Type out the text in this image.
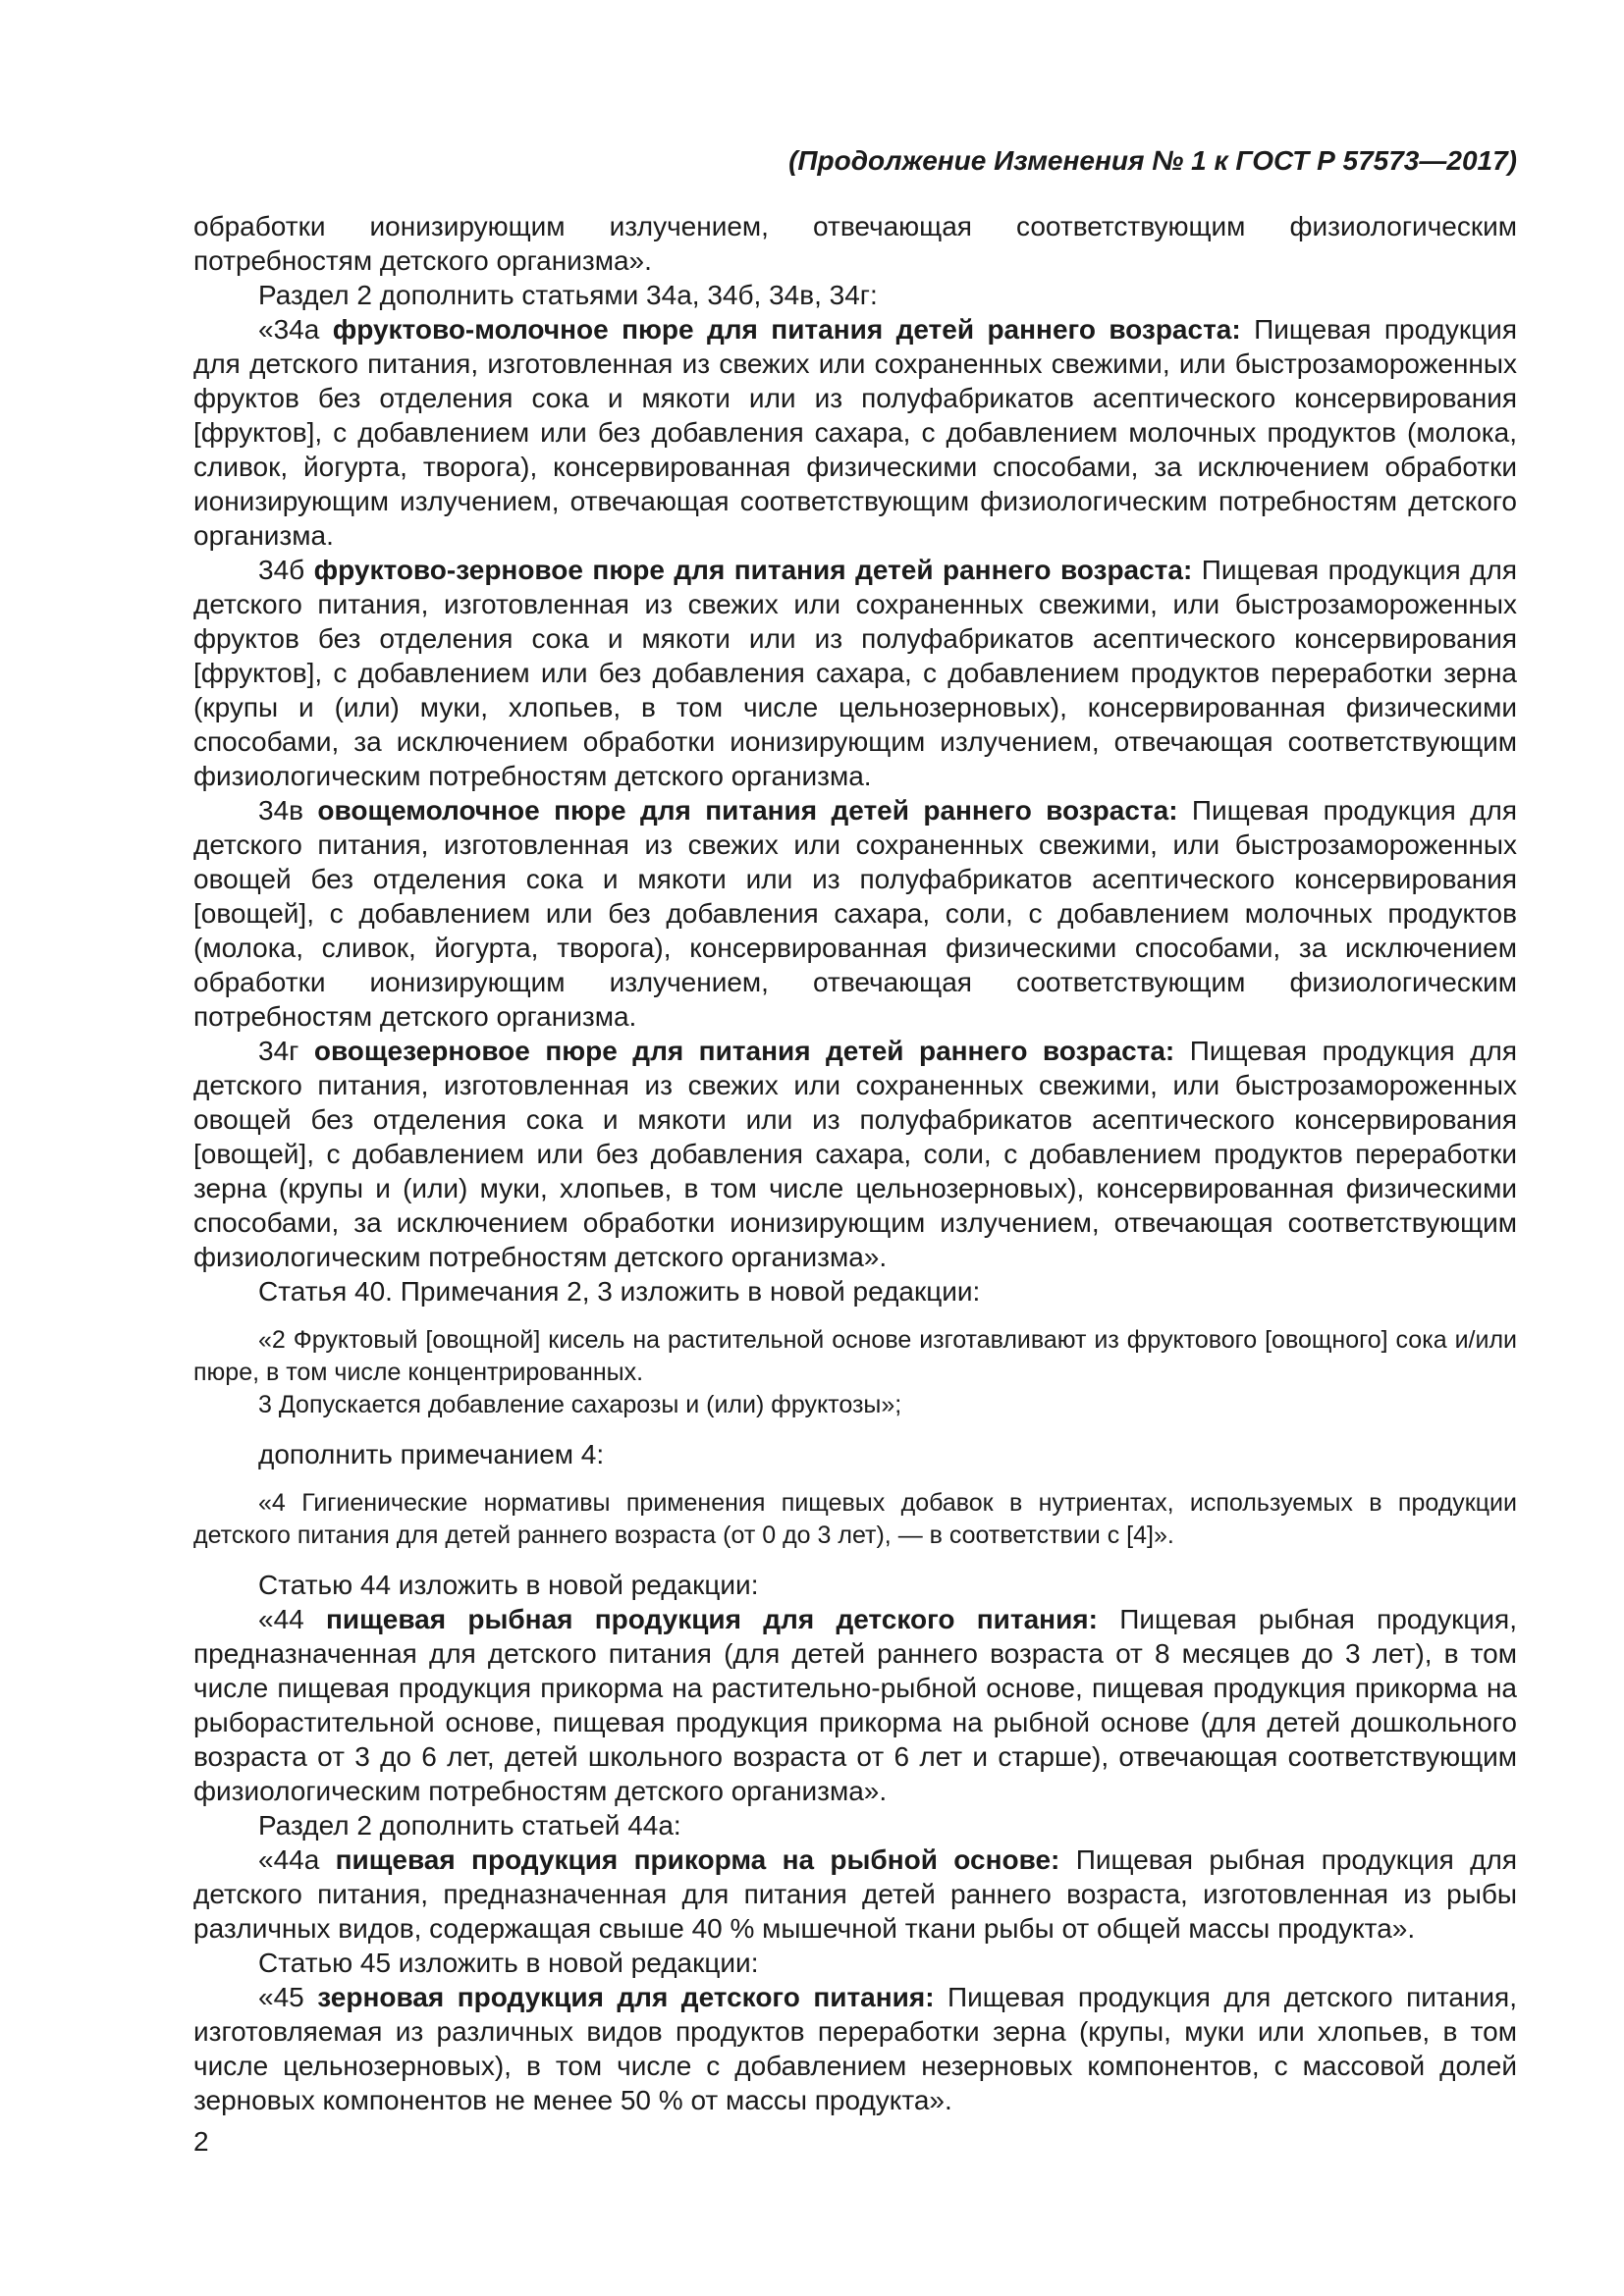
(Продолжение Изменения № 1 к ГОСТ Р 57573—2017)

обработки ионизирующим излучением, отвечающая соответствующим физиологическим потребностям детского организма».

Раздел 2 дополнить статьями 34а, 34б, 34в, 34г:

«34а фруктово-молочное пюре для питания детей раннего возраста: Пищевая продукция для детского питания, изготовленная из свежих или сохраненных свежими, или быстрозамороженных фруктов без отделения сока и мякоти или из полуфабрикатов асептического консервирования [фруктов], с добавлением или без добавления сахара, с добавлением молочных продуктов (молока, сливок, йогурта, творога), консервированная физическими способами, за исключением обработки ионизирующим излучением, отвечающая соответствующим физиологическим потребностям детского организма.

34б фруктово-зерновое пюре для питания детей раннего возраста: Пищевая продукция для детского питания, изготовленная из свежих или сохраненных свежими, или быстрозамороженных фруктов без отделения сока и мякоти или из полуфабрикатов асептического консервирования [фруктов], с добавлением или без добавления сахара, с добавлением продуктов переработки зерна (крупы и (или) муки, хлопьев, в том числе цельнозерновых), консервированная физическими способами, за исключением обработки ионизирующим излучением, отвечающая соответствующим физиологическим потребностям детского организма.

34в овощемолочное пюре для питания детей раннего возраста: Пищевая продукция для детского питания, изготовленная из свежих или сохраненных свежими, или быстрозамороженных овощей без отделения сока и мякоти или из полуфабрикатов асептического консервирования [овощей], с добавлением или без добавления сахара, соли, с добавлением молочных продуктов (молока, сливок, йогурта, творога), консервированная физическими способами, за исключением обработки ионизирующим излучением, отвечающая соответствующим физиологическим потребностям детского организма.

34г овощезерновое пюре для питания детей раннего возраста: Пищевая продукция для детского питания, изготовленная из свежих или сохраненных свежими, или быстрозамороженных овощей без отделения сока и мякоти или из полуфабрикатов асептического консервирования [овощей], с добавлением или без добавления сахара, соли, с добавлением продуктов переработки зерна (крупы и (или) муки, хлопьев, в том числе цельнозерновых), консервированная физическими способами, за исключением обработки ионизирующим излучением, отвечающая соответствующим физиологическим потребностям детского организма».

Статья 40. Примечания 2, 3 изложить в новой редакции:

«2 Фруктовый [овощной] кисель на растительной основе изготавливают из фруктового [овощного] сока и/или пюре, в том числе концентрированных.

3 Допускается добавление сахарозы и (или) фруктозы»;

дополнить примечанием 4:

«4 Гигиенические нормативы применения пищевых добавок в нутриентах, используемых в продукции детского питания для детей раннего возраста (от 0 до 3 лет), — в соответствии с [4]».

Статью 44 изложить в новой редакции:

«44 пищевая рыбная продукция для детского питания: Пищевая рыбная продукция, предназначенная для детского питания (для детей раннего возраста от 8 месяцев до 3 лет), в том числе пищевая продукция прикорма на растительно-рыбной основе, пищевая продукция прикорма на рыборастительной основе, пищевая продукция прикорма на рыбной основе (для детей дошкольного возраста от 3 до 6 лет, детей школьного возраста от 6 лет и старше), отвечающая соответствующим физиологическим потребностям детского организма».

Раздел 2 дополнить статьей 44а:

«44а пищевая продукция прикорма на рыбной основе: Пищевая рыбная продукция для детского питания, предназначенная для питания детей раннего возраста, изготовленная из рыбы различных видов, содержащая свыше 40 % мышечной ткани рыбы от общей массы продукта».

Статью 45 изложить в новой редакции:

«45 зерновая продукция для детского питания: Пищевая продукция для детского питания, изготовляемая из различных видов продуктов переработки зерна (крупы, муки или хлопьев, в том числе цельнозерновых), в том числе с добавлением незерновых компонентов, с массовой долей зерновых компонентов не менее 50 % от массы продукта».

2
